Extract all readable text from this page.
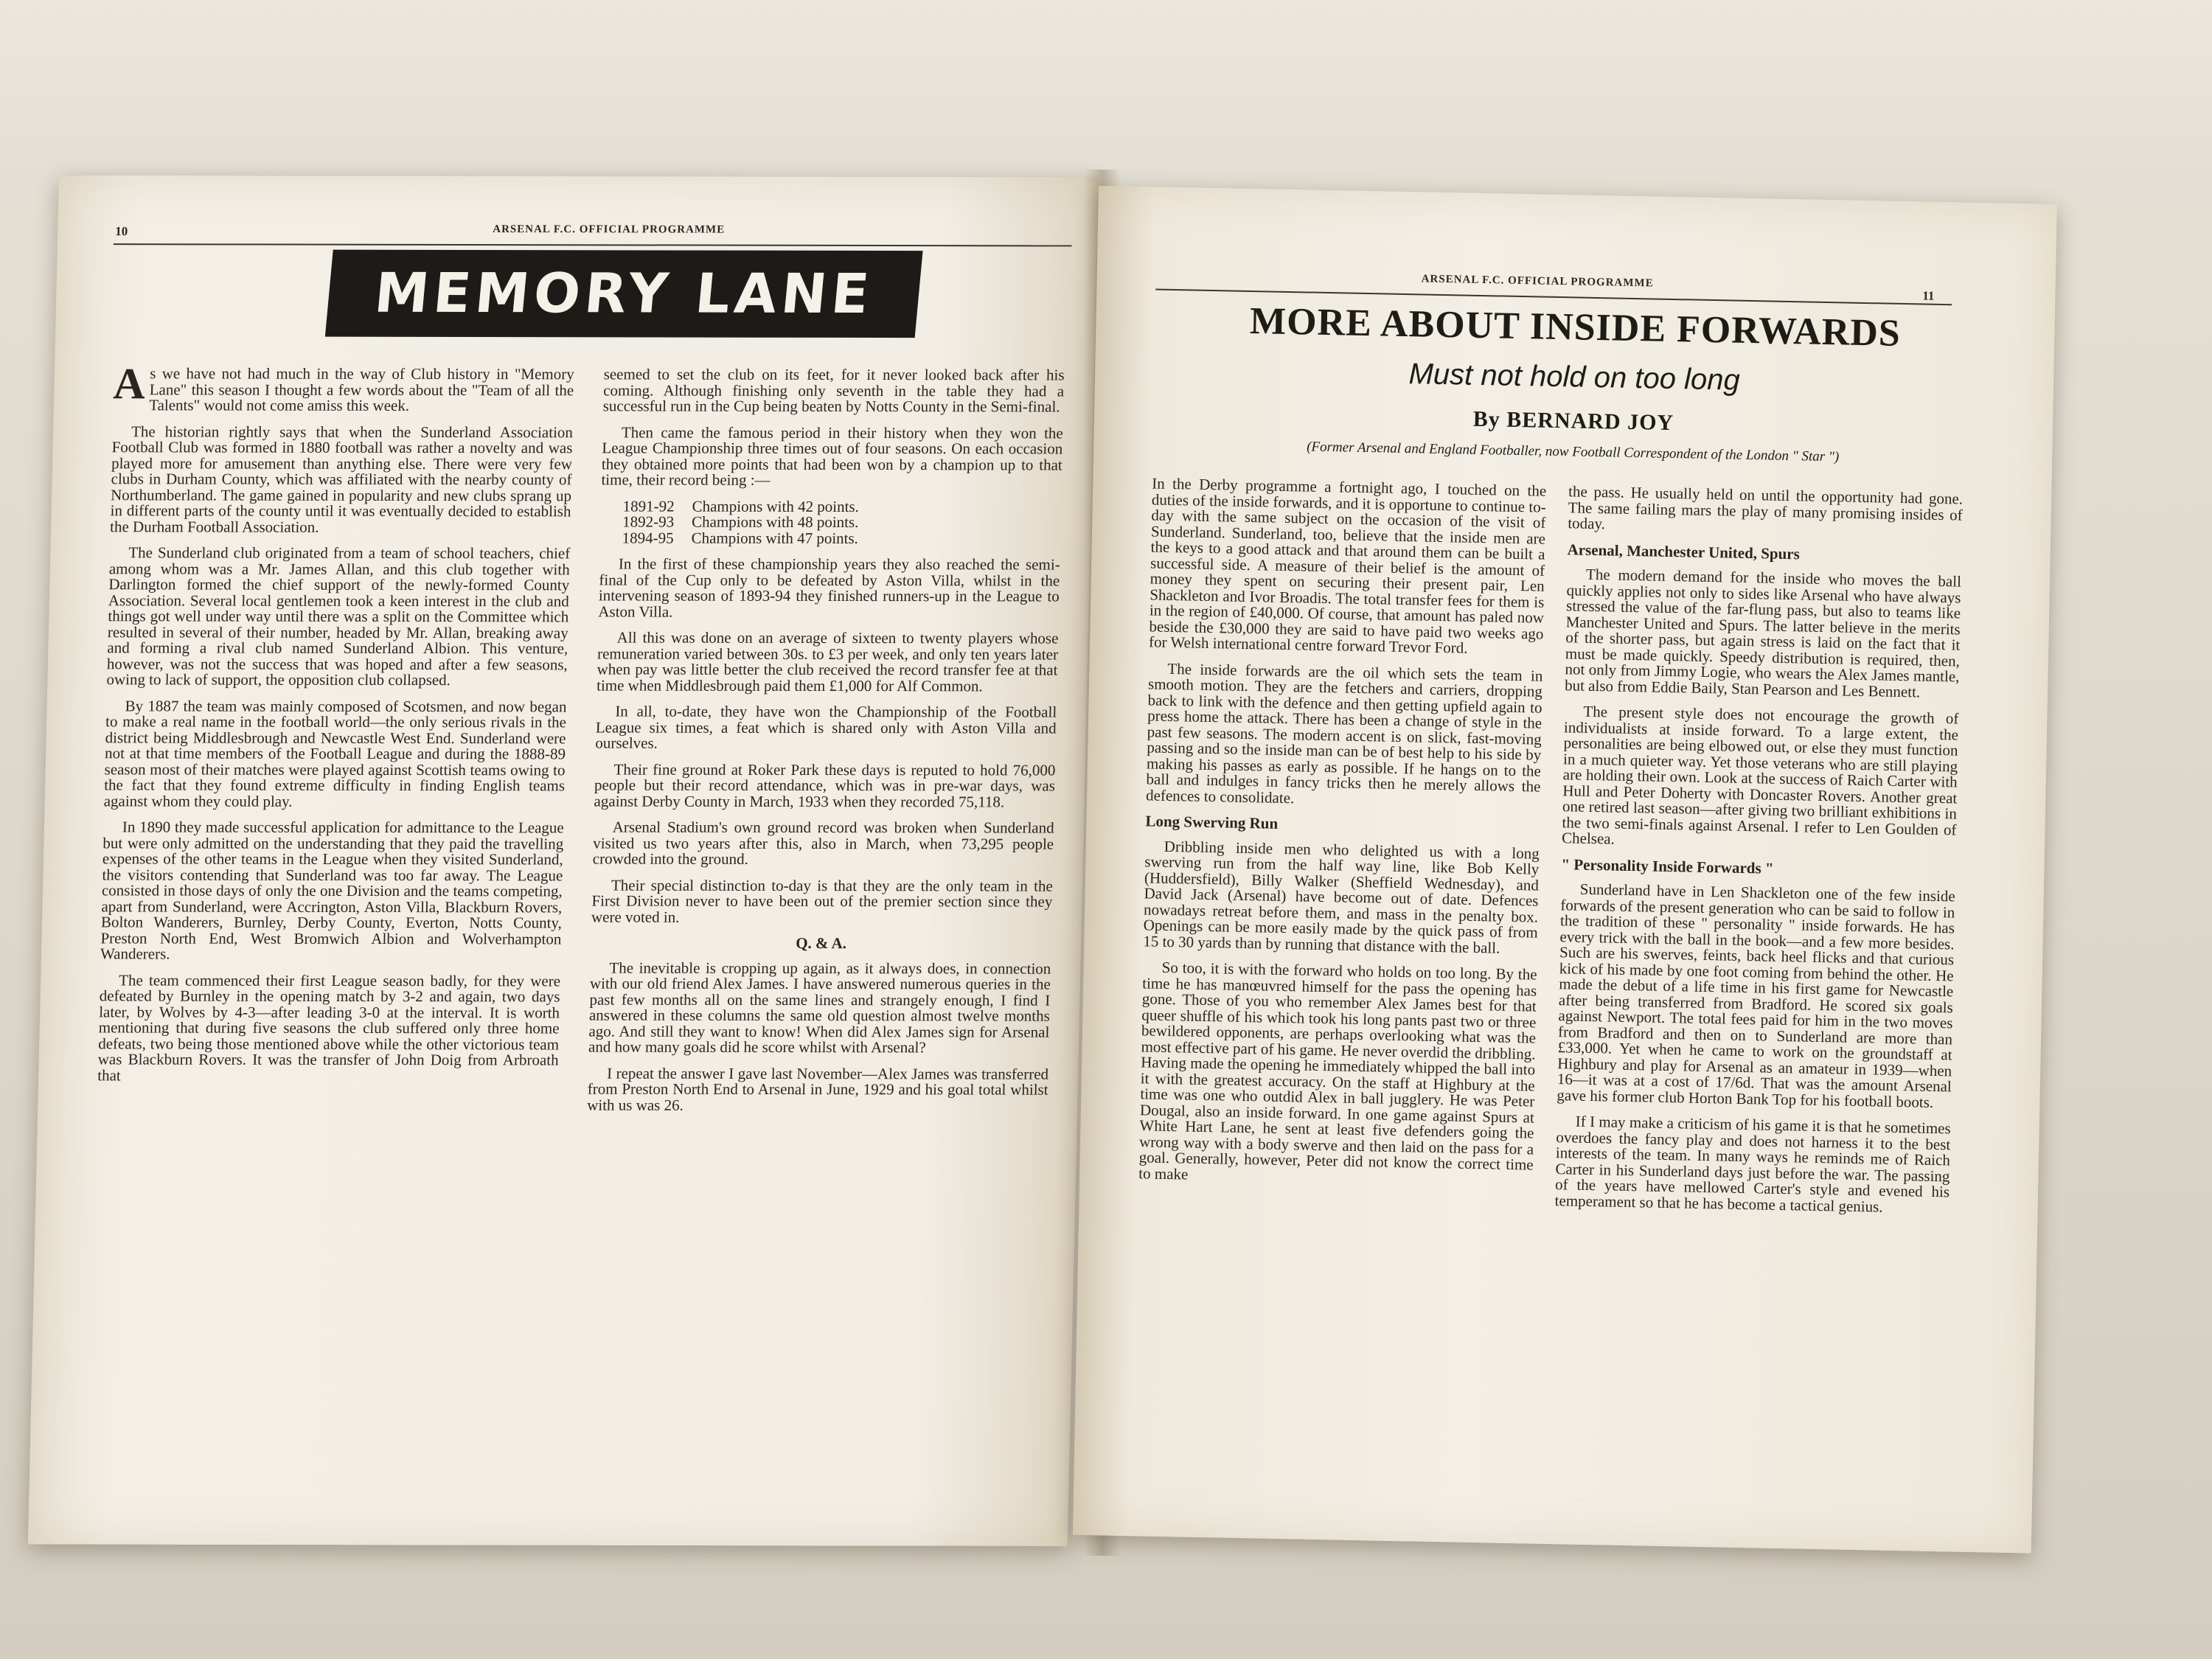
10	ARSENAL F.C. OFFICIAL PROGRAMME
MEMORY LANE

As we have not had much in the way of Club history in "Memory Lane" this season I thought a few words about the "Team of all the Talents" would not come amiss this week.

The historian rightly says that when the Sunderland Association Football Club was formed in 1880 football was rather a novelty and was played more for amusement than anything else. There were very few clubs in Durham County, which was affiliated with the nearby county of Northumberland. The game gained in popularity and new clubs sprang up in different parts of the county until it was eventually decided to establish the Durham Football Association.

The Sunderland club originated from a team of school teachers, chief among whom was a Mr. James Allan, and this club together with Darlington formed the chief support of the newly-formed County Association. Several local gentlemen took a keen interest in the club and things got well under way until there was a split on the Committee which resulted in several of their number, headed by Mr. Allan, breaking away and forming a rival club named Sunderland Albion. This venture, however, was not the success that was hoped and after a few seasons, owing to lack of support, the opposition club collapsed.

By 1887 the team was mainly composed of Scotsmen, and now began to make a real name in the football world—the only serious rivals in the district being Middlesbrough and Newcastle West End. Sunderland were not at that time members of the Football League and during the 1888-89 season most of their matches were played against Scottish teams owing to the fact that they found extreme difficulty in finding English teams against whom they could play.

In 1890 they made successful application for admittance to the League but were only admitted on the understanding that they paid the travelling expenses of the other teams in the League when they visited Sunderland, the visitors contending that Sunderland was too far away. The League consisted in those days of only the one Division and the teams competing, apart from Sunderland, were Accrington, Aston Villa, Blackburn Rovers, Bolton Wanderers, Burnley, Derby County, Everton, Notts County, Preston North End, West Bromwich Albion and Wolverhampton Wanderers.

The team commenced their first League season badly, for they were defeated by Burnley in the opening match by 3-2 and again, two days later, by Wolves by 4-3—after leading 3-0 at the interval. It is worth mentioning that during five seasons the club suffered only three home defeats, two being those mentioned above while the other victorious team was Blackburn Rovers. It was the transfer of John Doig from Arbroath that

seemed to set the club on its feet, for it never looked back after his coming. Although finishing only seventh in the table they had a successful run in the Cup being beaten by Notts County in the Semi-final.

Then came the famous period in their history when they won the League Championship three times out of four seasons. On each occasion they obtained more points that had been won by a champion up to that time, their record being :—

1891-92 Champions with 42 points.
1892-93 Champions with 48 points.
1894-95 Champions with 47 points.

In the first of these championship years they also reached the semi-final of the Cup only to be defeated by Aston Villa, whilst in the intervening season of 1893-94 they finished runners-up in the League to Aston Villa.

All this was done on an average of sixteen to twenty players whose remuneration varied between 30s. to £3 per week, and only ten years later when pay was little better the club received the record transfer fee at that time when Middlesbrough paid them £1,000 for Alf Common.

In all, to-date, they have won the Championship of the Football League six times, a feat which is shared only with Aston Villa and ourselves.

Their fine ground at Roker Park these days is reputed to hold 76,000 people but their record attendance, which was in pre-war days, was against Derby County in March, 1933 when they recorded 75,118.

Arsenal Stadium's own ground record was broken when Sunderland visited us two years after this, also in March, when 73,295 people crowded into the ground.

Their special distinction to-day is that they are the only team in the First Division never to have been out of the premier section since they were voted in.

Q. & A.

The inevitable is cropping up again, as it always does, in connection with our old friend Alex James. I have answered numerous queries in the past few months all on the same lines and strangely enough, I find I answered in these columns the same old question almost twelve months ago. And still they want to know! When did Alex James sign for Arsenal and how many goals did he score whilst with Arsenal?

I repeat the answer I gave last November—Alex James was transferred from Preston North End to Arsenal in June, 1929 and his goal total whilst with us was 26.

ARSENAL F.C. OFFICIAL PROGRAMME
11
MORE ABOUT INSIDE FORWARDS
Must not hold on too long
By BERNARD JOY
(Former Arsenal and England Footballer, now Football Correspondent of the London " Star ")

In the Derby programme a fortnight ago, I touched on the duties of the inside forwards, and it is opportune to continue to-day with the same subject on the occasion of the visit of Sunderland. Sunderland, too, believe that the inside men are the keys to a good attack and that around them can be built a successful side. A measure of their belief is the amount of money they spent on securing their present pair, Len Shackleton and Ivor Broadis. The total transfer fees for them is in the region of £40,000. Of course, that amount has paled now beside the £30,000 they are said to have paid two weeks ago for Welsh international centre forward Trevor Ford.

The inside forwards are the oil which sets the team in smooth motion. They are the fetchers and carriers, dropping back to link with the defence and then getting upfield again to press home the attack. There has been a change of style in the past few seasons. The modern accent is on slick, fast-moving passing and so the inside man can be of best help to his side by making his passes as early as possible. If he hangs on to the ball and indulges in fancy tricks then he merely allows the defences to consolidate.

Long Swerving Run

Dribbling inside men who delighted us with a long swerving run from the half way line, like Bob Kelly (Huddersfield), Billy Walker (Sheffield Wednesday), and David Jack (Arsenal) have become out of date. Defences nowadays retreat before them, and mass in the penalty box. Openings can be more easily made by the quick pass of from 15 to 30 yards than by running that distance with the ball.

So too, it is with the forward who holds on too long. By the time he has manœuvred himself for the pass the opening has gone. Those of you who remember Alex James best for that queer shuffle of his which took his long pants past two or three bewildered opponents, are perhaps overlooking what was the most effective part of his game. He never overdid the dribbling. Having made the opening he immediately whipped the ball into it with the greatest accuracy. On the staff at Highbury at the time was one who outdid Alex in ball jugglery. He was Peter Dougal, also an inside forward. In one game against Spurs at White Hart Lane, he sent at least five defenders going the wrong way with a body swerve and then laid on the pass for a goal. Generally, however, Peter did not know the correct time to make

the pass. He usually held on until the opportunity had gone. The same failing mars the play of many promising insides of today.

Arsenal, Manchester United, Spurs

The modern demand for the inside who moves the ball quickly applies not only to sides like Arsenal who have always stressed the value of the far-flung pass, but also to teams like Manchester United and Spurs. The latter believe in the merits of the shorter pass, but again stress is laid on the fact that it must be made quickly. Speedy distribution is required, then, not only from Jimmy Logie, who wears the Alex James mantle, but also from Eddie Baily, Stan Pearson and Les Bennett.

The present style does not encourage the growth of individualists at inside forward. To a large extent, the personalities are being elbowed out, or else they must function in a much quieter way. Yet those veterans who are still playing are holding their own. Look at the success of Raich Carter with Hull and Peter Doherty with Doncaster Rovers. Another great one retired last season—after giving two brilliant exhibitions in the two semi-finals against Arsenal. I refer to Len Goulden of Chelsea.

" Personality Inside Forwards "

Sunderland have in Len Shackleton one of the few inside forwards of the present generation who can be said to follow in the tradition of these " personality " inside forwards. He has every trick with the ball in the book—and a few more besides. Such are his swerves, feints, back heel flicks and that curious kick of his made by one foot coming from behind the other. He made the debut of a life time in his first game for Newcastle after being transferred from Bradford. He scored six goals against Newport. The total fees paid for him in the two moves from Bradford and then on to Sunderland are more than £33,000. Yet when he came to work on the groundstaff at Highbury and play for Arsenal as an amateur in 1939—when 16—it was at a cost of 17/6d. That was the amount Arsenal gave his former club Horton Bank Top for his football boots.

If I may make a criticism of his game it is that he sometimes overdoes the fancy play and does not harness it to the best interests of the team. In many ways he reminds me of Raich Carter in his Sunderland days just before the war. The passing of the years have mellowed Carter's style and evened his temperament so that he has become a tactical genius.
